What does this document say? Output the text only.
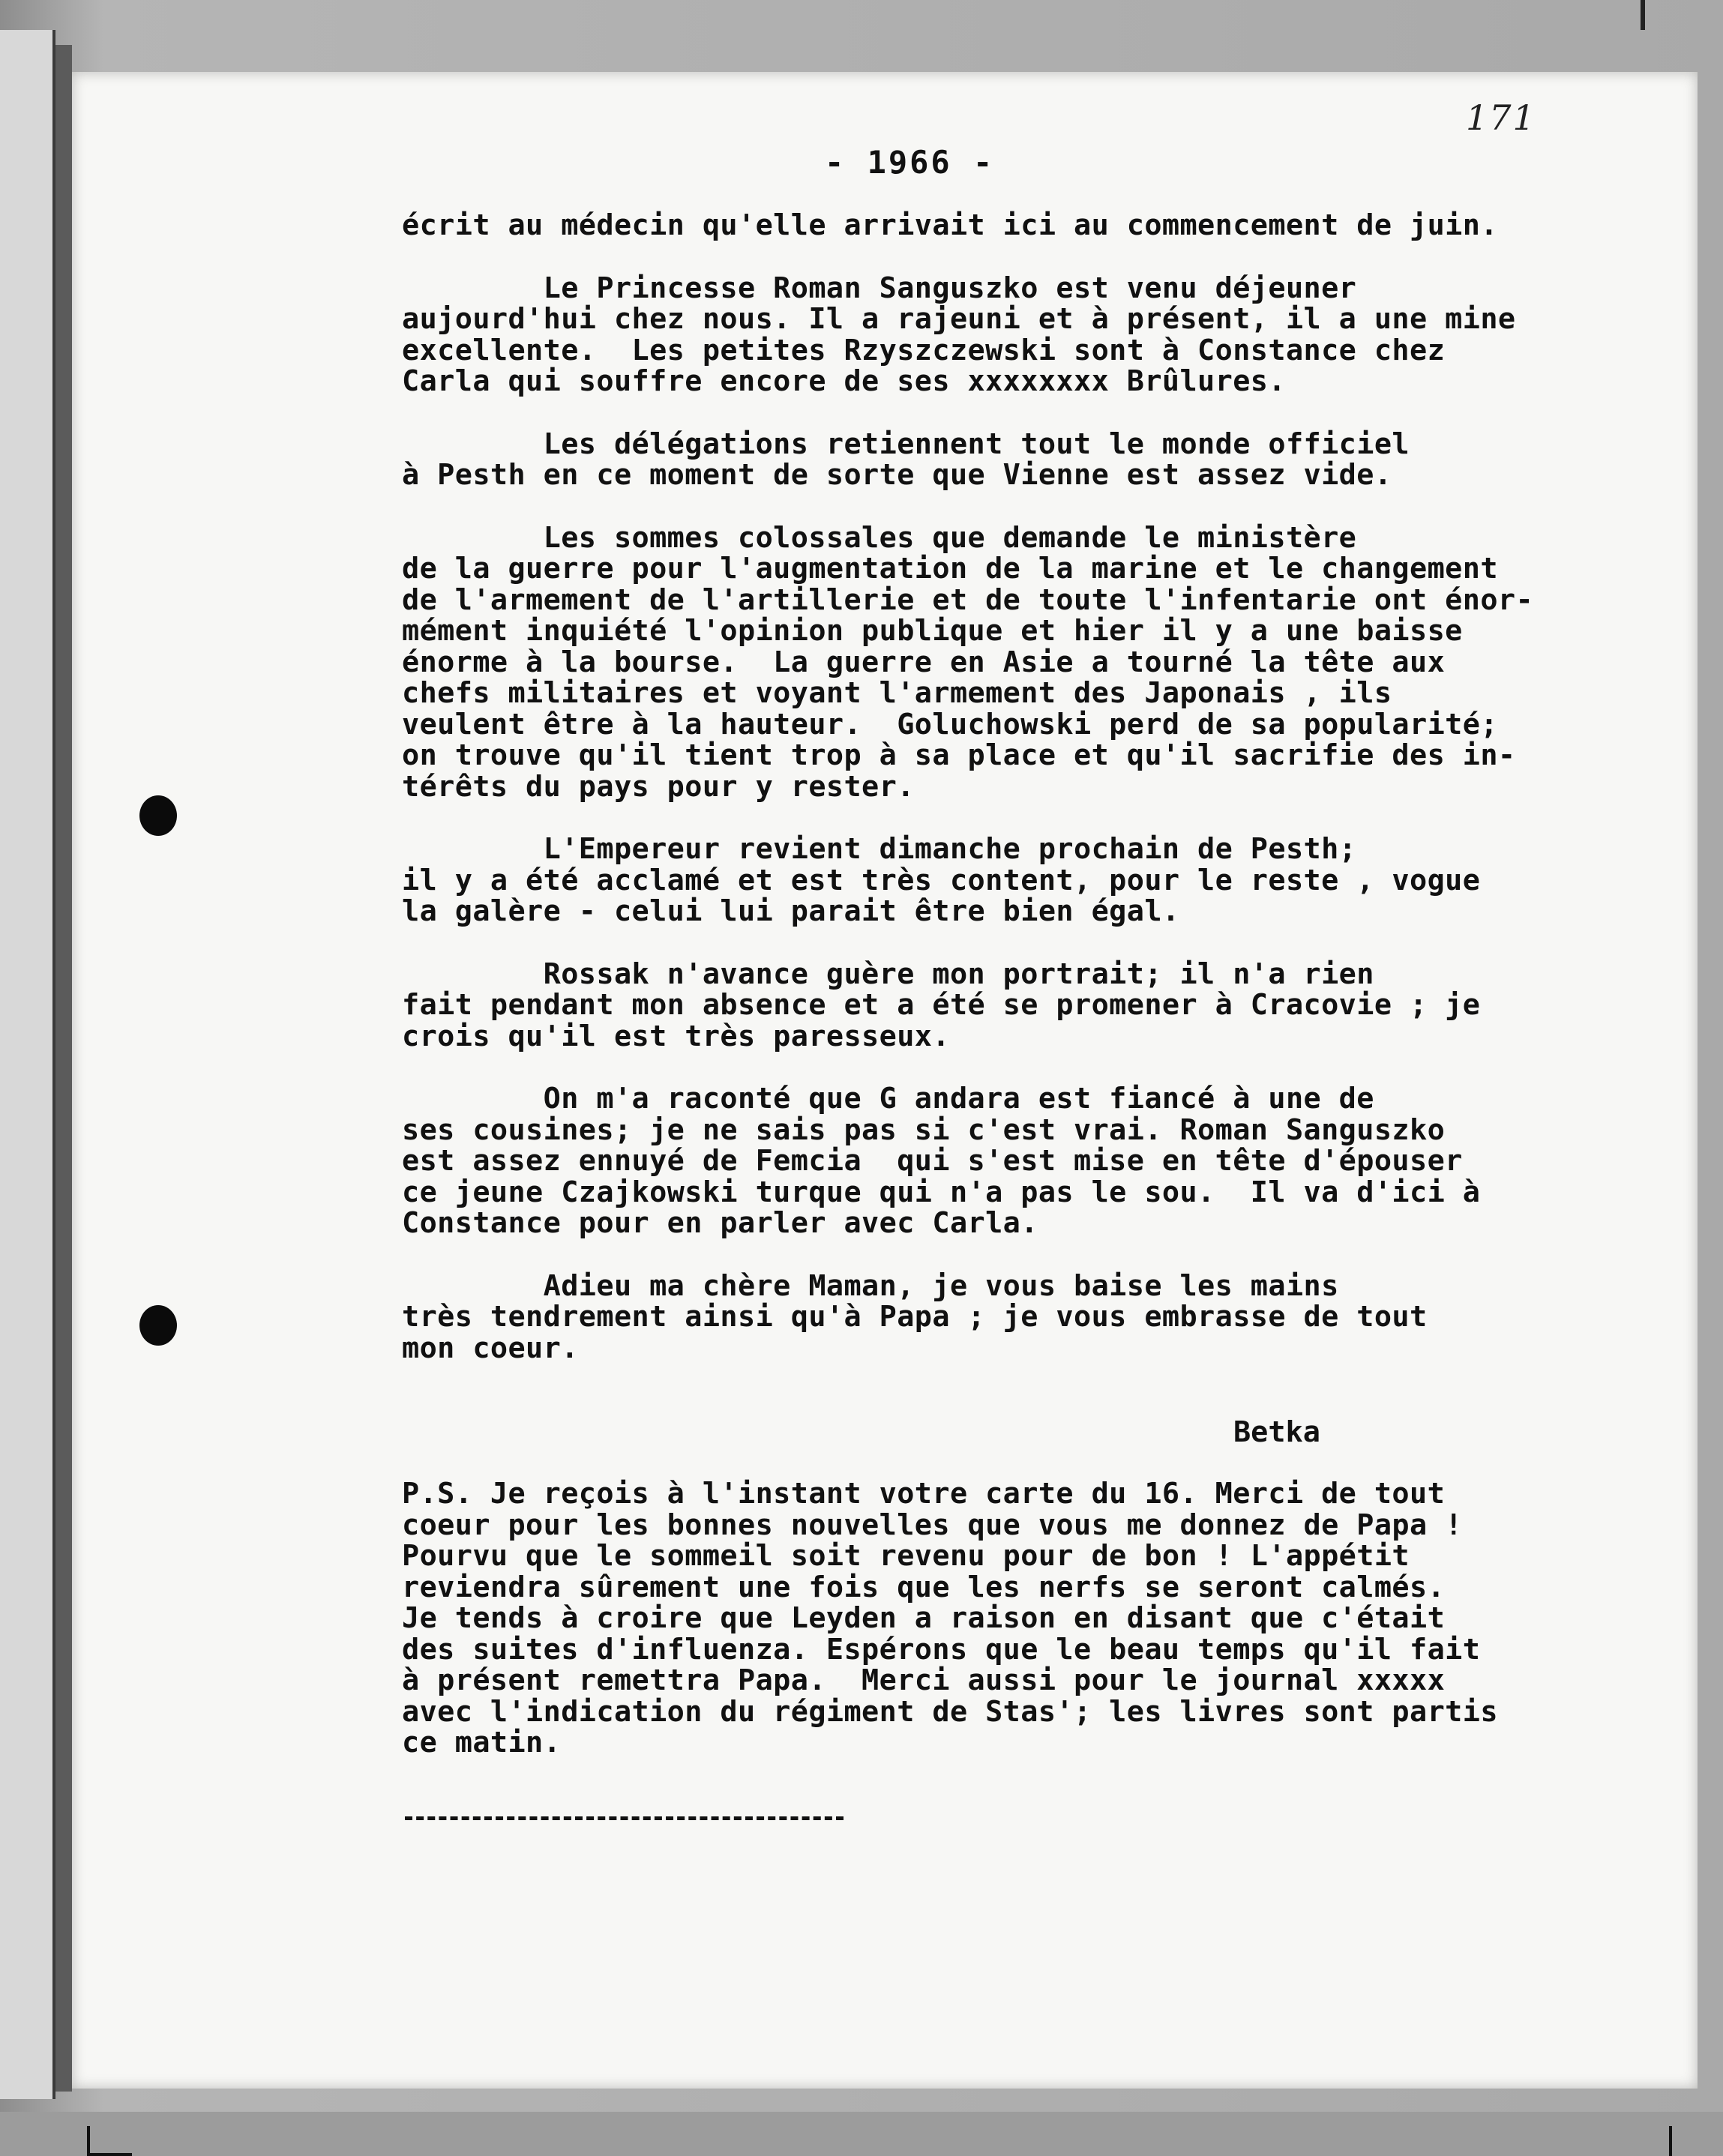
171
- 1966 -

écrit au médecin qu'elle arrivait ici au commencement de juin.

Le Princesse Roman Sanguszko est venu déjeuner

aujourd'hui chez nous. Il a rajeuni et à présent, il a une mine

excellente.  Les petites Rzyszczewski sont à Constance chez

Carla qui souffre encore de ses xxxxxxxx Brûlures.

Les délégations retiennent tout le monde officiel

à Pesth en ce moment de sorte que Vienne est assez vide.

Les sommes colossales que demande le ministère

de la guerre pour l'augmentation de la marine et le changement

de l'armement de l'artillerie et de toute l'infentarie ont énor-

mément inquiété l'opinion publique et hier il y a une baisse

énorme à la bourse.  La guerre en Asie a tourné la tête aux

chefs militaires et voyant l'armement des Japonais , ils

veulent être à la hauteur.  Goluchowski perd de sa popularité;

on trouve qu'il tient trop à sa place et qu'il sacrifie des in-

térêts du pays pour y rester.

L'Empereur revient dimanche prochain de Pesth;

il y a été acclamé et est très content, pour le reste , vogue

la galère - celui lui parait être bien égal.

Rossak n'avance guère mon portrait; il n'a rien

fait pendant mon absence et a été se promener à Cracovie ; je

crois qu'il est très paresseux.

On m'a raconté que G andara est fiancé à une de

ses cousines; je ne sais pas si c'est vrai. Roman Sanguszko

est assez ennuyé de Femcia  qui s'est mise en tête d'épouser

ce jeune Czajkowski turque qui n'a pas le sou.  Il va d'ici à

Constance pour en parler avec Carla.

Adieu ma chère Maman, je vous baise les mains

très tendrement ainsi qu'à Papa ; je vous embrasse de tout

mon coeur.

Betka

P.S. Je reçois à l'instant votre carte du 16. Merci de tout

coeur pour les bonnes nouvelles que vous me donnez de Papa !

Pourvu que le sommeil soit revenu pour de bon ! L'appétit

reviendra sûrement une fois que les nerfs se seront calmés.

Je tends à croire que Leyden a raison en disant que c'était

des suites d'influenza. Espérons que le beau temps qu'il fait

à présent remettra Papa.  Merci aussi pour le journal xxxxx

avec l'indication du régiment de Stas'; les livres sont partis

ce matin.
